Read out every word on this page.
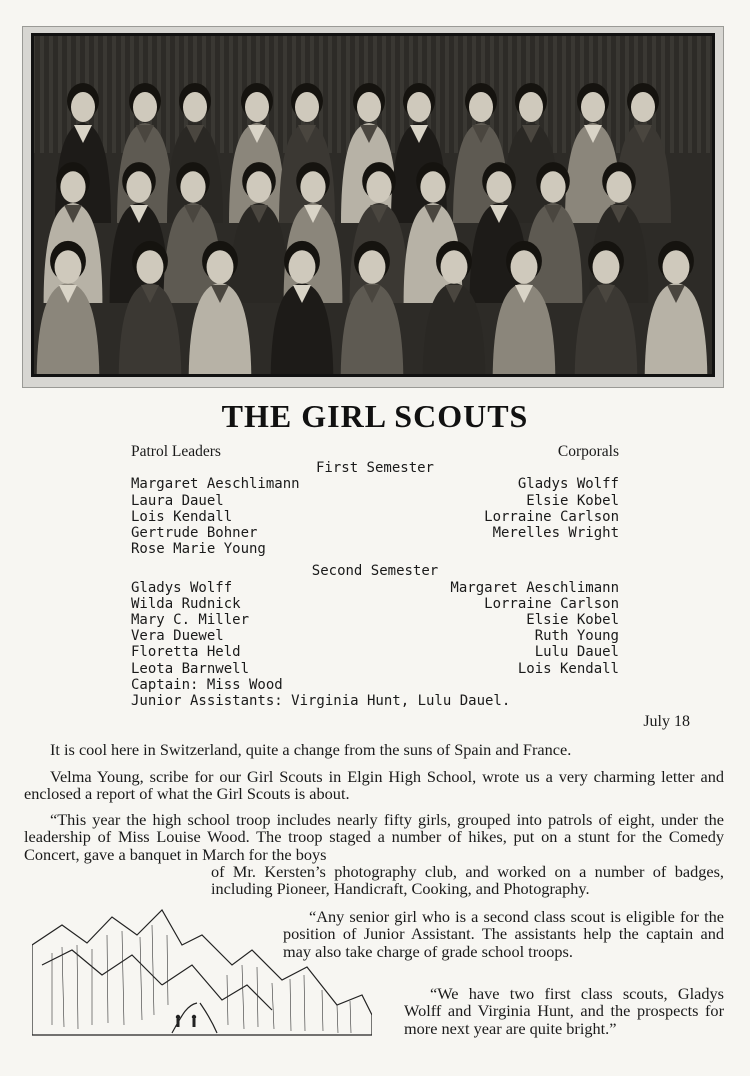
THE GIRL SCOUTS
Patrol Leaders	Corporals
First Semester
Margaret Aeschlimann	Gladys Wolff
Laura Dauel	Elsie Kobel
Lois Kendall	Lorraine Carlson
Gertrude Bohner	Merelles Wright
Rose Marie Young
Second Semester
Gladys Wolff	Margaret Aeschlimann
Wilda Rudnick	Lorraine Carlson
Mary C. Miller	Elsie Kobel
Vera Duewel	Ruth Young
Floretta Held	Lulu Dauel
Leota Barnwell	Lois Kendall
Captain: Miss Wood
Junior Assistants: Virginia Hunt, Lulu Dauel.
July 18
It is cool here in Switzerland, quite a change from the suns of Spain and France.
Velma Young, scribe for our Girl Scouts in Elgin High School, wrote us a very charming letter and enclosed a report of what the Girl Scouts is about.
“This year the high school troop includes nearly fifty girls, grouped into patrols of eight, under the leadership of Miss Louise Wood. The troop staged a number of hikes, put on a stunt for the Comedy Concert, gave a banquet in March for the boys
of Mr. Kersten’s photography club, and worked on a number of badges, including Pioneer, Handicraft, Cooking, and Photography.
“Any senior girl who is a second class scout is eligible for the position of Junior Assistant. The assistants help the captain and may also take charge of grade school troops.
“We have two first class scouts, Gladys Wolff and Virginia Hunt, and the prospects for more next year are quite bright.”
